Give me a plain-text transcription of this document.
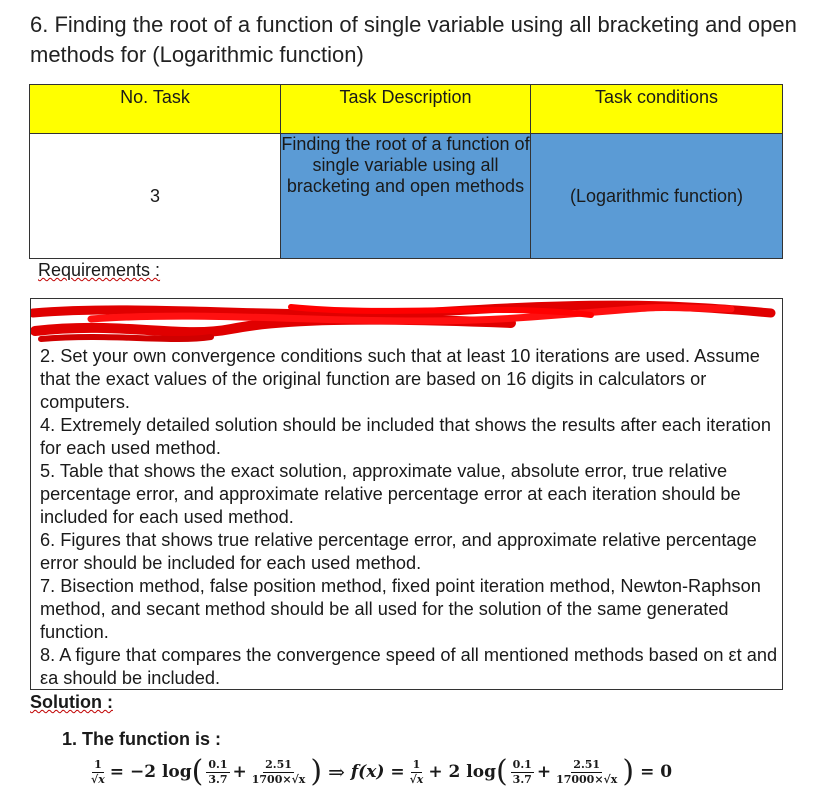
6. Finding the root of a function of single variable using all bracketing and open methods for (Logarithmic function)
No. Task	Task Description	Task conditions
3	Finding the root of a function of single variable using all bracketing and open methods	(Logarithmic function)
Requirements :

2. Set your own convergence conditions such that at least 10 iterations are used. Assume that the exact values of the original function are based on 16 digits in calculators or computers.

4. Extremely detailed solution should be included that shows the results after each iteration for each used method.

5. Table that shows the exact solution, approximate value, absolute error, true relative percentage error, and approximate relative percentage error at each iteration should be included for each used method.

6. Figures that shows true relative percentage error, and approximate relative percentage error should be included for each used method.

7. Bisection method, false position method, fixed point iteration method, Newton-Raphson method, and secant method should be all used for the solution of the same generated function.

8. A figure that compares the convergence speed of all mentioned methods based on εt and εa should be included.

Solution :
1. The function is :
$\frac{1}{√x} = -2$ log ( $\frac{0.1}{3.7} + \frac{2.51}{1700\times√x}$ ) ⇒ $f(x) = \frac{1}{√x} + 2$ log ( $\frac{0.1}{3.7} + \frac{2.51}{17000\times√x}$ ) = 0
